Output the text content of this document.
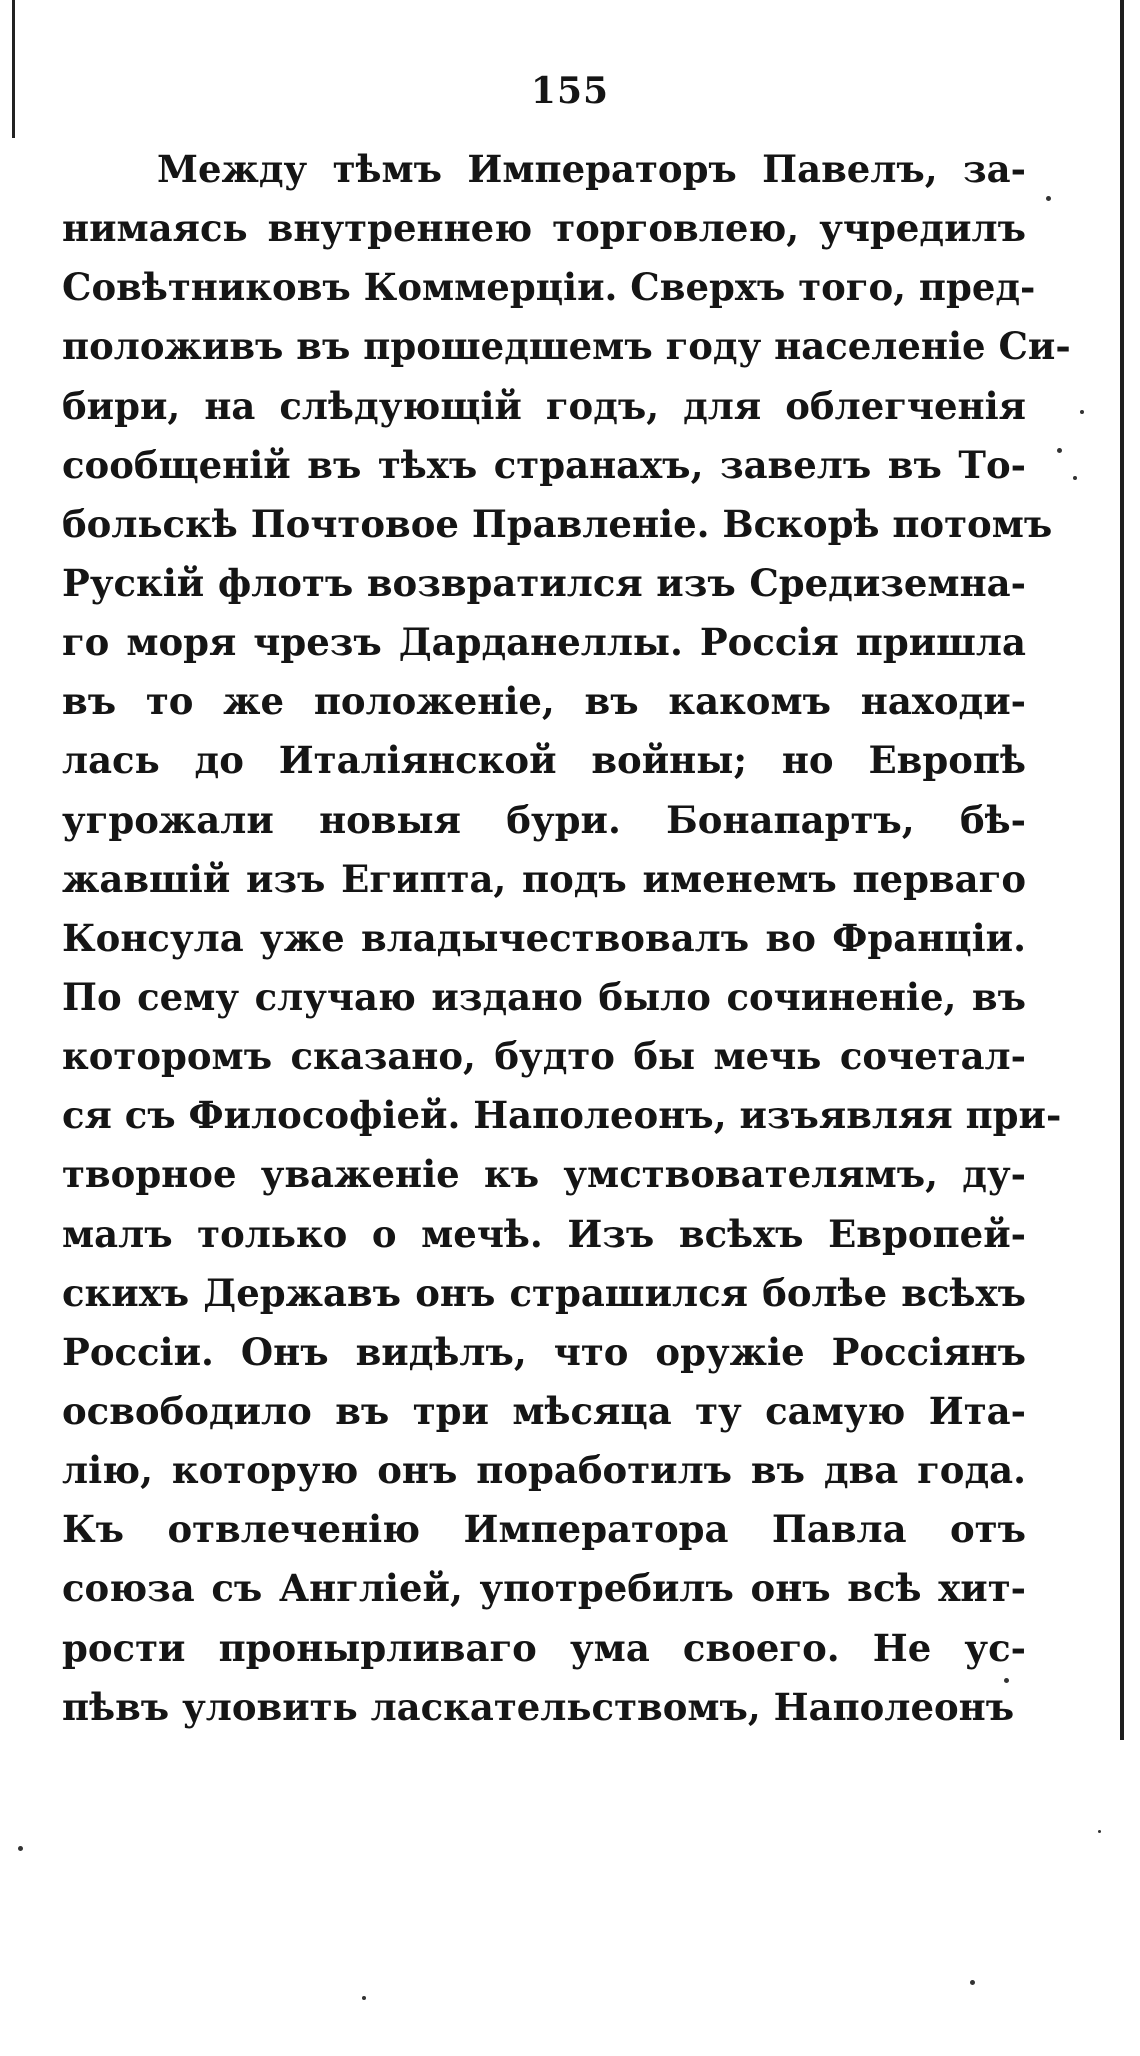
155
Между тѣмъ Императоръ Павелъ, за-
нимаясь внутреннею торговлею, учредилъ
Совѣтниковъ Коммерціи. Сверхъ того, пред-
положивъ въ прошедшемъ году населеніе Си-
бири, на слѣдующій годъ, для облегченія
сообщеній въ тѣхъ странахъ, завелъ въ То-
больскѣ Почтовое Правленіе. Вскорѣ потомъ
Рускій флотъ возвратился изъ Средиземна-
го моря чрезъ Дарданеллы. Россія пришла
въ то же положеніе, въ какомъ находи-
лась до Италіянской войны; но Европѣ
угрожали новыя бури. Бонапартъ, бѣ-
жавшій изъ Египта, подъ именемъ перваго
Консула уже владычествовалъ во Франціи.
По сему случаю издано было сочиненіе, въ
которомъ сказано, будто бы мечь сочетал-
ся съ Философіей. Наполеонъ, изъявляя при-
творное уваженіе къ умствователямъ, ду-
малъ только о мечѣ. Изъ всѣхъ Европей-
скихъ Державъ онъ страшился болѣе всѣхъ
Россіи. Онъ видѣлъ, что оружіе Россіянъ
освободило въ три мѣсяца ту самую Ита-
лію, которую онъ поработилъ въ два года.
Къ отвлеченію Императора Павла отъ
союза съ Англіей, употребилъ онъ всѣ хит-
рости пронырливаго ума своего. Не ус-
пѣвъ уловить ласкательствомъ, Наполеонъ
